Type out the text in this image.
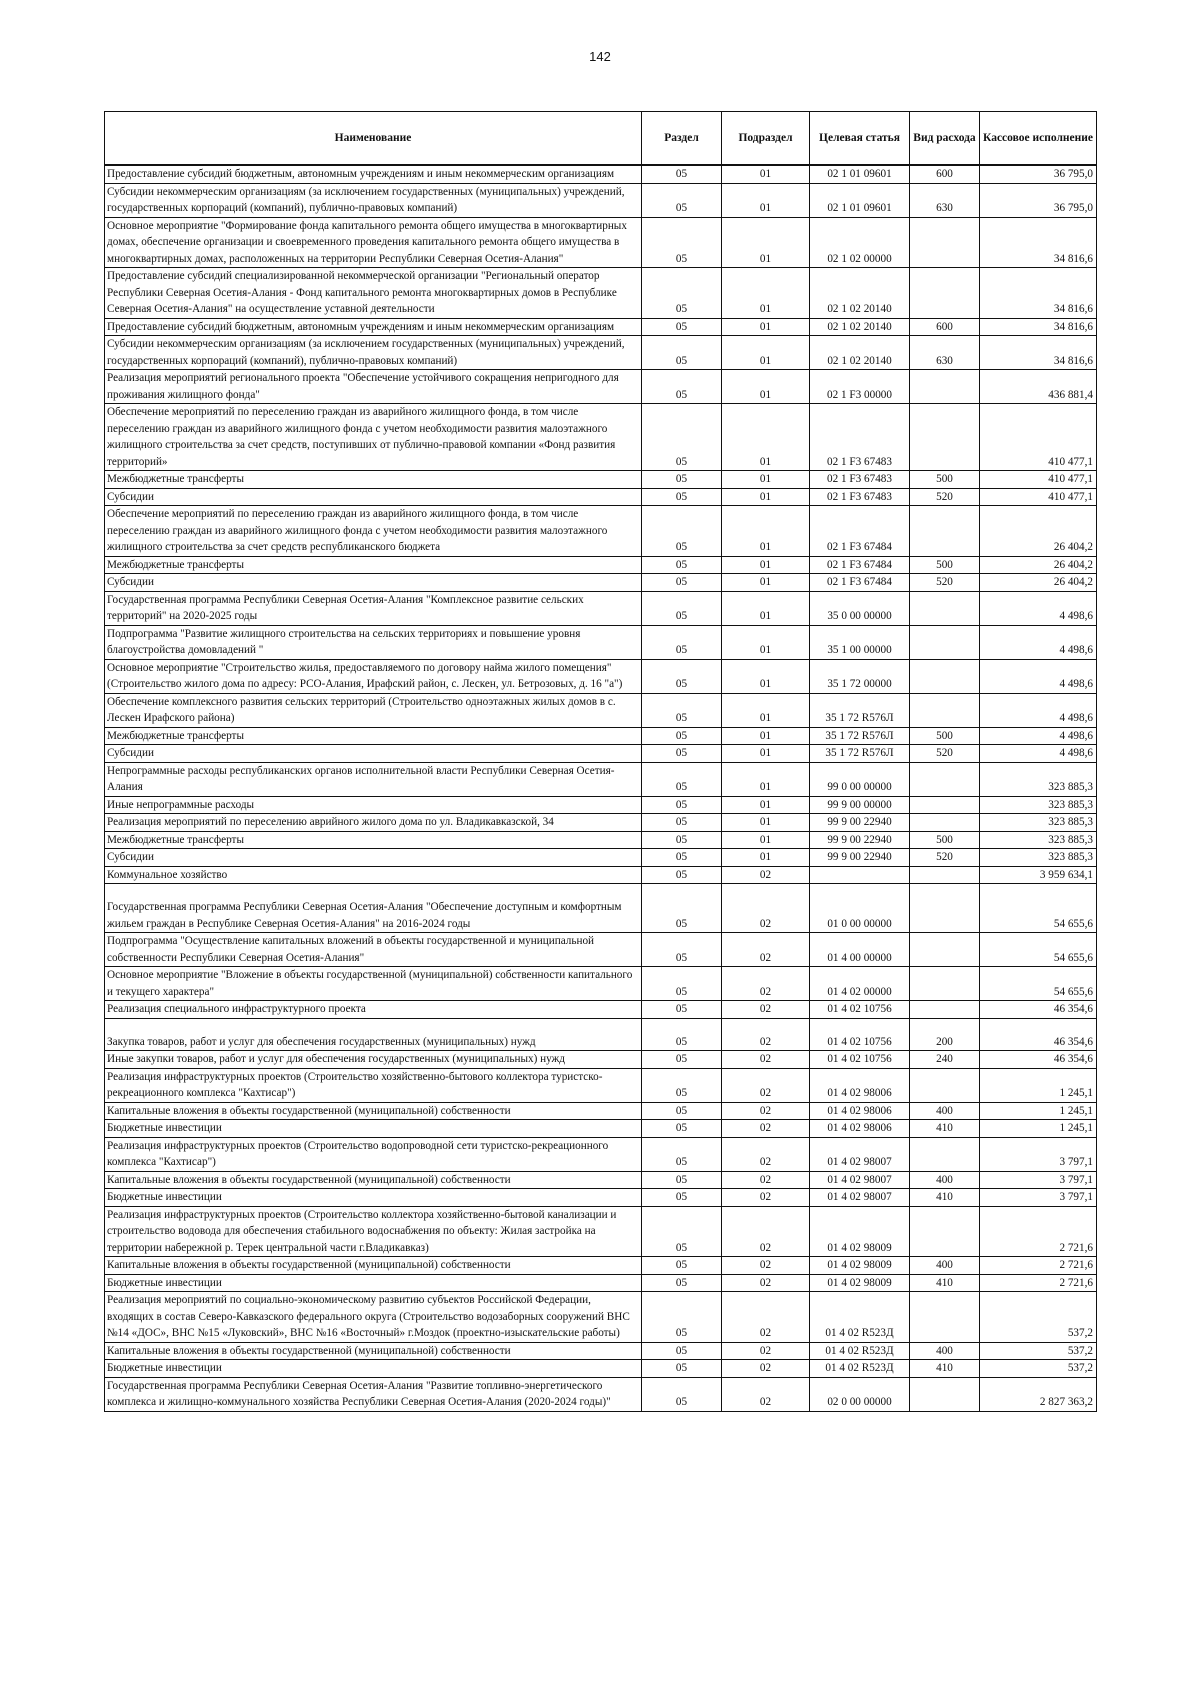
142
Наименование	Раздел	Подраздел	Целевая статья	Вид расхода	Кассовое исполнение
Предоставление субсидий бюджетным, автономным учреждениям и иным некоммерческим организациям	05	01	02 1 01 09601	600	36 795,0
Субсидии некоммерческим организациям (за исключением государственных (муниципальных) учреждений, государственных корпораций (компаний), публично-правовых компаний)	05	01	02 1 01 09601	630	36 795,0
Основное мероприятие "Формирование фонда капитального ремонта общего имущества в многоквартирных домах, обеспечение организации и своевременного проведения капитального ремонта общего имущества в многоквартирных домах, расположенных на территории Республики Северная Осетия-Алания"	05	01	02 1 02 00000		34 816,6
Предоставление субсидий специализированной некоммерческой организации "Региональный оператор Республики Северная Осетия-Алания - Фонд капитального ремонта многоквартирных домов в Республике Северная Осетия-Алания" на осуществление уставной деятельности	05	01	02 1 02 20140		34 816,6
Предоставление субсидий бюджетным, автономным учреждениям и иным некоммерческим организациям	05	01	02 1 02 20140	600	34 816,6
Субсидии некоммерческим организациям (за исключением государственных (муниципальных) учреждений, государственных корпораций (компаний), публично-правовых компаний)	05	01	02 1 02 20140	630	34 816,6
Реализация мероприятий регионального проекта "Обеспечение устойчивого сокращения непригодного для проживания жилищного фонда"	05	01	02 1 F3 00000		436 881,4
Обеспечение мероприятий по переселению граждан из аварийного жилищного фонда, в том числе переселению граждан из аварийного жилищного фонда с учетом необходимости развития малоэтажного жилищного строительства за счет средств, поступивших от публично-правовой компании «Фонд развития территорий»	05	01	02 1 F3 67483		410 477,1
Межбюджетные трансферты	05	01	02 1 F3 67483	500	410 477,1
Субсидии	05	01	02 1 F3 67483	520	410 477,1
Обеспечение мероприятий по переселению граждан из аварийного жилищного фонда, в том числе переселению граждан из аварийного жилищного фонда с учетом необходимости развития малоэтажного жилищного строительства за счет средств республиканского бюджета	05	01	02 1 F3 67484		26 404,2
Межбюджетные трансферты	05	01	02 1 F3 67484	500	26 404,2
Субсидии	05	01	02 1 F3 67484	520	26 404,2
Государственная программа Республики Северная Осетия-Алания "Комплексное развитие сельских территорий" на 2020-2025 годы	05	01	35 0 00 00000		4 498,6
Подпрограмма "Развитие жилищного строительства на сельских территориях и повышение уровня благоустройства домовладений "	05	01	35 1 00 00000		4 498,6
Основное мероприятие "Строительство жилья, предоставляемого по договору найма жилого помещения" (Строительство жилого дома по адресу: РСО-Алания, Ирафский район, с. Лескен, ул. Бетрозовых, д. 16 "а")	05	01	35 1 72 00000		4 498,6
Обеспечение комплексного развития сельских территорий (Строительство одноэтажных жилых домов в с. Лескен Ирафского района)	05	01	35 1 72 R576Л		4 498,6
Межбюджетные трансферты	05	01	35 1 72 R576Л	500	4 498,6
Субсидии	05	01	35 1 72 R576Л	520	4 498,6
Непрограммные расходы республиканских органов исполнительной власти Республики Северная Осетия-Алания	05	01	99 0 00 00000		323 885,3
Иные непрограммные расходы	05	01	99 9 00 00000		323 885,3
Реализация мероприятий по переселению аврийного жилого дома по ул. Владикавказской, 34	05	01	99 9 00 22940		323 885,3
Межбюджетные трансферты	05	01	99 9 00 22940	500	323 885,3
Субсидии	05	01	99 9 00 22940	520	323 885,3
Коммунальное хозяйство	05	02			3 959 634,1
Государственная программа Республики Северная Осетия-Алания "Обеспечение доступным и комфортным жильем граждан в Республике Северная Осетия-Алания" на 2016-2024 годы	05	02	01 0 00 00000		54 655,6
Подпрограмма "Осуществление капитальных вложений в объекты государственной и муниципальной собственности Республики Северная Осетия-Алания"	05	02	01 4 00 00000		54 655,6
Основное мероприятие "Вложение в объекты государственной (муниципальной) собственности капитального и текущего характера"	05	02	01 4 02 00000		54 655,6
Реализация специального инфраструктурного проекта	05	02	01 4 02 10756		46 354,6
Закупка товаров, работ и услуг для обеспечения государственных (муниципальных) нужд	05	02	01 4 02 10756	200	46 354,6
Иные закупки товаров, работ и услуг для обеспечения государственных (муниципальных) нужд	05	02	01 4 02 10756	240	46 354,6
Реализация инфраструктурных проектов (Строительство хозяйственно-бытового коллектора туристско-рекреационного комплекса "Кахтисар")	05	02	01 4 02 98006		1 245,1
Капитальные вложения в объекты государственной (муниципальной) собственности	05	02	01 4 02 98006	400	1 245,1
Бюджетные инвестиции	05	02	01 4 02 98006	410	1 245,1
Реализация инфраструктурных проектов (Строительство водопроводной сети туристско-рекреационного комплекса "Кахтисар")	05	02	01 4 02 98007		3 797,1
Капитальные вложения в объекты государственной (муниципальной) собственности	05	02	01 4 02 98007	400	3 797,1
Бюджетные инвестиции	05	02	01 4 02 98007	410	3 797,1
Реализация инфраструктурных проектов (Строительство коллектора хозяйственно-бытовой канализации и строительство водовода для обеспечения стабильного водоснабжения по объекту: Жилая застройка на территории набережной р. Терек центральной части г.Владикавказ)	05	02	01 4 02 98009		2 721,6
Капитальные вложения в объекты государственной (муниципальной) собственности	05	02	01 4 02 98009	400	2 721,6
Бюджетные инвестиции	05	02	01 4 02 98009	410	2 721,6
Реализация мероприятий по социально-экономическому развитию субъектов Российской Федерации, входящих в состав Северо-Кавказского федерального округа (Строительство водозаборных сооружений ВНС №14 «ДОС», ВНС №15 «Луковский», ВНС №16 «Восточный» г.Моздок (проектно-изыскательские работы)	05	02	01 4 02 R523Д		537,2
Капитальные вложения в объекты государственной (муниципальной) собственности	05	02	01 4 02 R523Д	400	537,2
Бюджетные инвестиции	05	02	01 4 02 R523Д	410	537,2
Государственная программа Республики Северная Осетия-Алания "Развитие топливно-энергетического комплекса и жилищно-коммунального хозяйства Республики Северная Осетия-Алания (2020-2024 годы)"	05	02	02 0 00 00000		2 827 363,2
